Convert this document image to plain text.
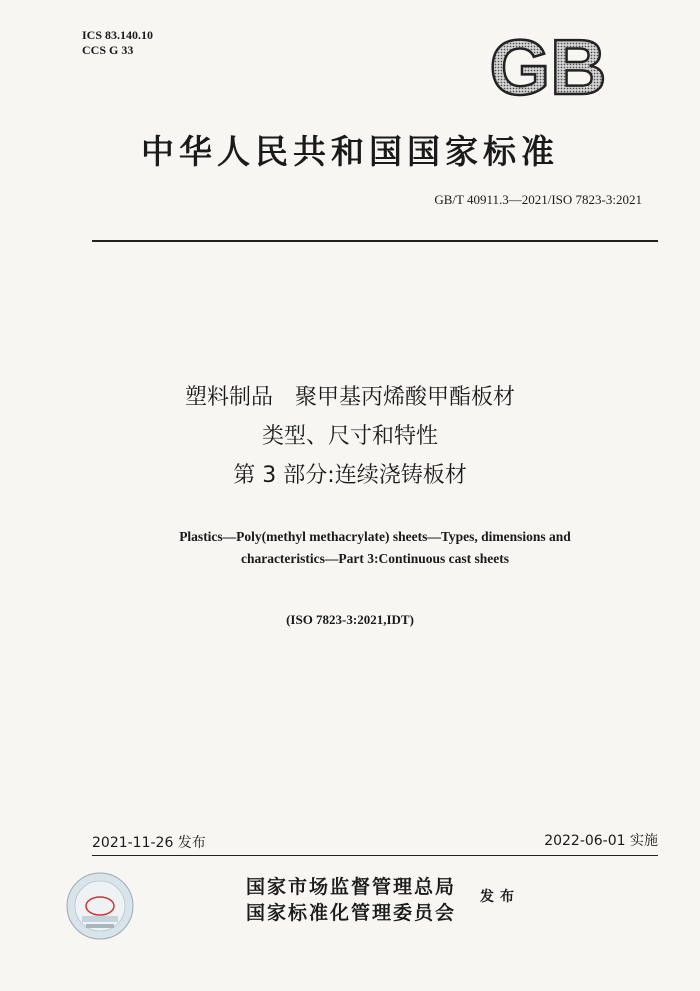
ICS 83.140.10
CCS G 33	GB
中华人民共和国国家标准
GB/T 40911.3—2021/ISO 7823-3:2021
塑料制品　聚甲基丙烯酸甲酯板材
类型、尺寸和特性
第 3 部分:连续浇铸板材
Plastics—Poly(methyl methacrylate) sheets—Types, dimensions and
characteristics—Part 3:Continuous cast sheets
(ISO 7823-3:2021,IDT)
2021-11-26 发布	2022-06-01 实施
国家市场监督管理总局
国家标准化管理委员会
发布
